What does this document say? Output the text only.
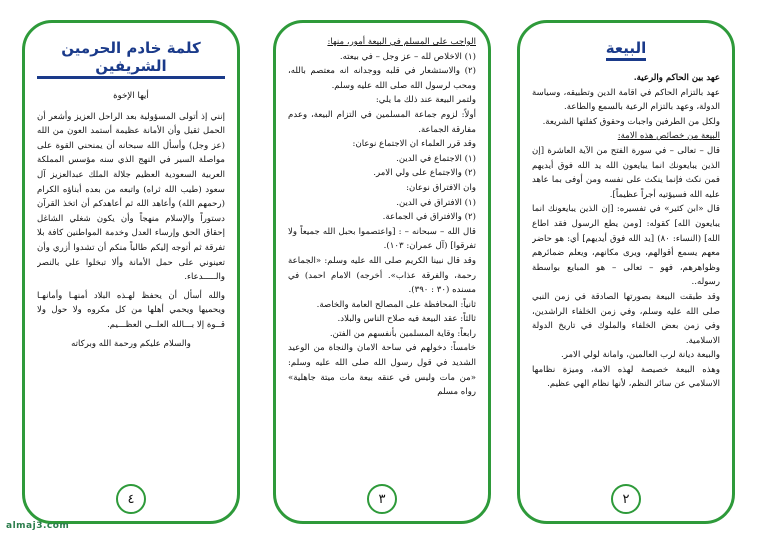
كلمة خادم الحرمين الشريفين

أيها الإخوة

إنني إذ أتولى المسؤولية بعد الراحل العزيز وأشعر أن الحمل ثقيل وأن الأمانة عظيمة أستمد العون من الله (عز وجل) وأسأل الله سبحانه أن يمنحني القوة على مواصلة السير في النهج الذي سنه مؤسس المملكة العربية السعودية العظيم جلالة الملك عبدالعزيز آل سعود (طيب الله ثراه) واتبعه من بعده أبناؤه الكرام (رحمهم الله) وأعاهد الله ثم أعاهدكم أن اتخذ القرآن دستوراً والإسلام منهجاً وأن يكون شغلي الشاغل إحقاق الحق وإرساء العدل وخدمة المواطنين كافة بلا تفرقة ثم أتوجه إليكم طالباً منكم أن تشدوا أزري وأن تعينوني على حمل الأمانة وألا تبخلوا علي بالنصر والـــــدعاء.

والله أسأل أن يحفظ لهـذه البلاد أمنهـا وأمانهـا ويحميها ويحمي أهلها من كل مكروه ولا حول ولا قــوة إلا بـــالله العلــي العظـــيم.

والسلام عليكم ورحمة الله وبركاته

٤

الواجب على المسلم في البيعة أمور، منها:

(١) الاخلاص لله – عز وجل – في بيعته.

(٢) والاستشعار في قلبه ووجدانه انه معتصم بالله، ومحب لرسول الله صلى الله عليه وسلم.

ولتمر البيعة عند ذلك ما يلي:

أولاً: لزوم جماعة المسلمين في التزام البيعة، وعدم مفارقة الجماعة.

وقد قرر العلماء ان الاجتماع نوعان:

(١) الاجتماع في الدين.

(٢) والاجتماع على ولي الامر.

وان الافتراق نوعان:

(١) الافتراق في الدين.

(٢) والافتراق في الجماعة.

قال الله – سبحانه – : [واعتصموا بحبل الله جميعاً ولا تفرقوا] (آل عمران: ١٠٣).

وقد قال نبينا الكريم صلى الله عليه وسلم: «الجماعة رحمة، والفرقة عذاب». أخرجه) الامام احمد) في مسنده (٣٠ : ٣٩٠).

ثانياً: المحافظة على المصالح العامة والخاصة.

ثالثاً: عقد البيعة فيه صلاح الناس والبلاد.

رابعاً: وقاية المسلمين بأنفسهم من الفتن.

خامساً: دخولهم في ساحة الامان والنجاة من الوعيد الشديد في قول رسول الله صلى الله عليه وسلم: «من مات وليس في عنقه بيعة مات ميتة جاهلية» رواه مسلم

٣
البيعة

عهد بين الحاكم والرعية.

عهد بالتزام الحاكم في اقامة الدين وتطبيقه، وسياسة الدولة، وعهد بالتزام الرعية بالسمع والطاعة.

ولكل من الطرفين واجبات وحقوق كفلتها الشريعة.

البيعة من خصائص هذه الامة:

قال – تعالى – في سورة الفتح من الآية العاشرة [إن الذين يبايعونك انما يبايعون الله يد الله فوق أيديهم فمن نكث فإنما ينكث على نفسه ومن أوفى بما عاهد عليه الله فسيؤتيه أجراً عظيماً].

قال «ابن كثير» في تفسيره: [إن الذين يبايعونك انما يبايعون الله] كقوله: [ومن يطع الرسول فقد اطاع الله] (النساء: ٨٠) [يد الله فوق أيديهم] أي: هو حاضر معهم يسمع أقوالهم، ويرى مكانهم، ويعلم ضمائرهم وظواهرهم، فهو – تعالى – هو المبايع بواسطة رسوله..

وقد طبقت البيعة بصورتها الصادقة في زمن النبي صلى الله عليه وسلم، وفي زمن الخلفاء الراشدين، وفي زمن بعض الخلفاء والملوك في تاريخ الدولة الاسلامية.

والبيعة ديانة لرب العالمين، وامانة لولي الامر.

وهذه البيعة خصيصة لهذه الامة، وميزة نظامها الاسلامي عن سائر النظم، لأنها نظام الهي عظيم.

٢
almaj3.com
